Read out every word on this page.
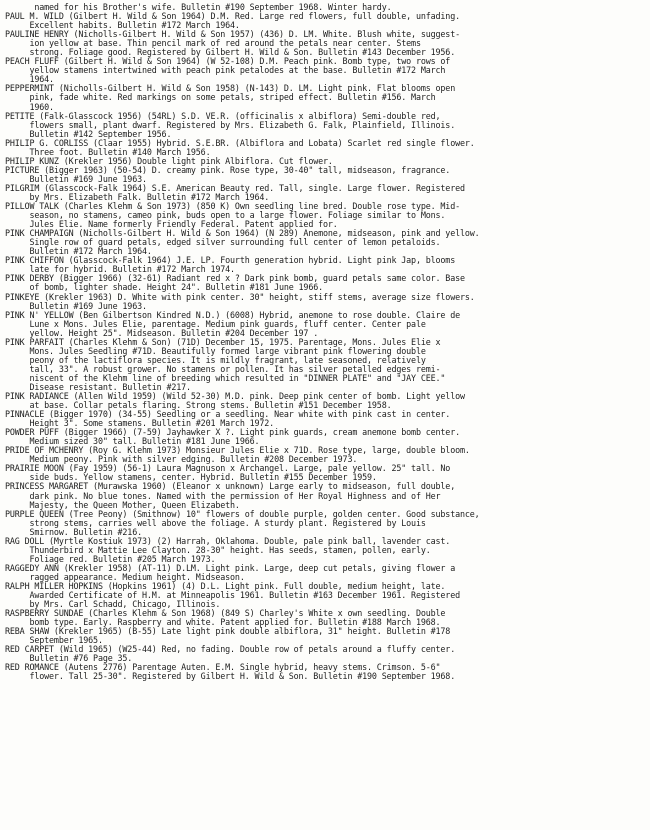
named for his Brother's wife. Bulletin #190 September 1968. Winter hardy.
PAUL M. WILD (Gilbert H. Wild & Son 1964) D.M. Red. Large red flowers, full double, unfading.
Excellent habits. Bulletin #172 March 1964.
PAULINE HENRY (Nicholls-Gilbert H. Wild & Son 1957) (436) D. LM. White. Blush white, suggest-
ion yellow at base. Thin pencil mark of red around the petals near center. Stems
strong. Foliage good. Registered by Gilbert H. Wild & Son. Bulletin #143 December 1956.
PEACH FLUFF (Gilbert H. Wild & Son 1964) (W 52-108) D.M. Peach pink. Bomb type, two rows of
yellow stamens intertwined with peach pink petalodes at the base. Bulletin #172 March
1964.
PEPPERMINT (Nicholls-Gilbert H. Wild & Son 1958) (N-143) D. LM. Light pink. Flat blooms open
pink, fade white. Red markings on some petals, striped effect. Bulletin #156. March
1960.
PETITE (Falk-Glasscock 1956) (54RL) S.D. VE.R. (officinalis x albiflora) Semi-double red,
flowers small, plant dwarf. Registered by Mrs. Elizabeth G. Falk, Plainfield, Illinois.
Bulletin #142 September 1956.
PHILIP G. CORLISS (Claar 1955) Hybrid. S.E.BR. (Albiflora and Lobata) Scarlet red single flower.
Three foot. Bulletin #140 March 1956.
PHILIP KUNZ (Krekler 1956) Double light pink Albiflora. Cut flower.
PICTURE (Bigger 1963) (50-54) D. creamy pink. Rose type, 30-40" tall, midseason, fragrance.
Bulletin #169 June 1963.
PILGRIM (Glasscock-Falk 1964) S.E. American Beauty red. Tall, single. Large flower. Registered
by Mrs. Elizabeth Falk. Bulletin #172 March 1964.
PILLOW TALK (Charles Klehm & Son 1973) (850 K) Own seedling line bred. Double rose type. Mid-
season, no stamens, cameo pink, buds open to a large flower. Foliage similar to Mons.
Jules Elie. Name formerly Friendly Federal. Patent applied for.
PINK CHAMPAIGN (Nicholls-Gilbert H. Wild & Son 1964) (N 289) Anemone, midseason, pink and yellow.
Single row of guard petals, edged silver surrounding full center of lemon petaloids.
Bulletin #172 March 1964.
PINK CHIFFON (Glasscock-Falk 1964) J.E. LP. Fourth generation hybrid. Light pink Jap, blooms
late for hybrid. Bulletin #172 March 1974.
PINK DERBY (Bigger 1966) (32-61) Radiant red x ? Dark pink bomb, guard petals same color. Base
of bomb, lighter shade. Height 24". Bulletin #181 June 1966.
PINKEYE (Krekler 1963) D. White with pink center. 30" height, stiff stems, average size flowers.
Bulletin #169 June 1963.
PINK N' YELLOW (Ben Gilbertson Kindred N.D.) (6008) Hybrid, anemone to rose double. Claire de
Lune x Mons. Jules Elie, parentage. Medium pink guards, fluff center. Center pale
yellow. Height 25". Midseason. Bulletin #204 December 197 .
PINK PARFAIT (Charles Klehm & Son) (71D) December 15, 1975. Parentage, Mons. Jules Elie x
Mons. Jules Seedling #71D. Beautifully formed large vibrant pink flowering double
peony of the lactiflora species. It is mildly fragrant, late seasoned, relatively
tall, 33". A robust grower. No stamens or pollen. It has silver petalled edges remi-
niscent of the Klehm line of breeding which resulted in "DINNER PLATE" and "JAY CEE."
Disease resistant. Bulletin #217.
PINK RADIANCE (Allen Wild 1959) (Wild 52-30) M.D. pink. Deep pink center of bomb. Light yellow
at base. Collar petals flaring. Strong stems. Bulletin #151 December 1958.
PINNACLE (Bigger 1970) (34-55) Seedling or a seedling. Near white with pink cast in center.
Height 3". Some stamens. Bulletin #201 March 1972.
POWDER PUFF (Bigger 1966) (7-59) Jayhawker X ?. Light pink guards, cream anemone bomb center.
Medium sized 30" tall. Bulletin #181 June 1966.
PRIDE OF MCHENRY (Roy G. Klehm 1973) Monsieur Jules Elie x 71D. Rose type, large, double bloom.
Medium peony. Pink with silver edging. Bulletin #208 December 1973.
PRAIRIE MOON (Fay 1959) (56-1) Laura Magnuson x Archangel. Large, pale yellow. 25" tall. No
side buds. Yellow stamens, center. Hybrid. Bulletin #155 December 1959.
PRINCESS MARGARET (Murawska 1960) (Eleanor x unknown) Large early to midseason, full double,
dark pink. No blue tones. Named with the permission of Her Royal Highness and of Her
Majesty, the Queen Mother, Queen Elizabeth.
PURPLE QUEEN (Tree Peony) (Smithnow) 10" flowers of double purple, golden center. Good substance,
strong stems, carries well above the foliage. A sturdy plant. Registered by Louis
Smirnow. Bulletin #216.
RAG DOLL (Myrtle Kostiuk 1973) (2) Harrah, Oklahoma. Double, pale pink ball, lavender cast.
Thunderbird x Mattie Lee Clayton. 28-30" height. Has seeds, stamen, pollen, early.
Foliage red. Bulletin #205 March 1973.
RAGGEDY ANN (Krekler 1958) (AT-11) D.LM. Light pink. Large, deep cut petals, giving flower a
ragged appearance. Medium height. Midseason.
RALPH MILLER HOPKINS (Hopkins 1961) (4) D.L. Light pink. Full double, medium height, late.
Awarded Certificate of H.M. at Minneapolis 1961. Bulletin #163 December 1961. Registered
by Mrs. Carl Schadd, Chicago, Illinois.
RASPBERRY SUNDAE (Charles Klehm & Son 1968) (849 S) Charley's White x own seedling. Double
bomb type. Early. Raspberry and white. Patent applied for. Bulletin #188 March 1968.
REBA SHAW (Krekler 1965) (B-55) Late light pink double albiflora, 31" height. Bulletin #178
September 1965.
RED CARPET (Wild 1965) (W25-44) Red, no fading. Double row of petals around a fluffy center.
Bulletin #76 Page 35.
RED ROMANCE (Autens 2776) Parentage Auten. E.M. Single hybrid, heavy stems. Crimson. 5-6"
flower. Tall 25-30". Registered by Gilbert H. Wild & Son. Bulletin #190 September 1968.
